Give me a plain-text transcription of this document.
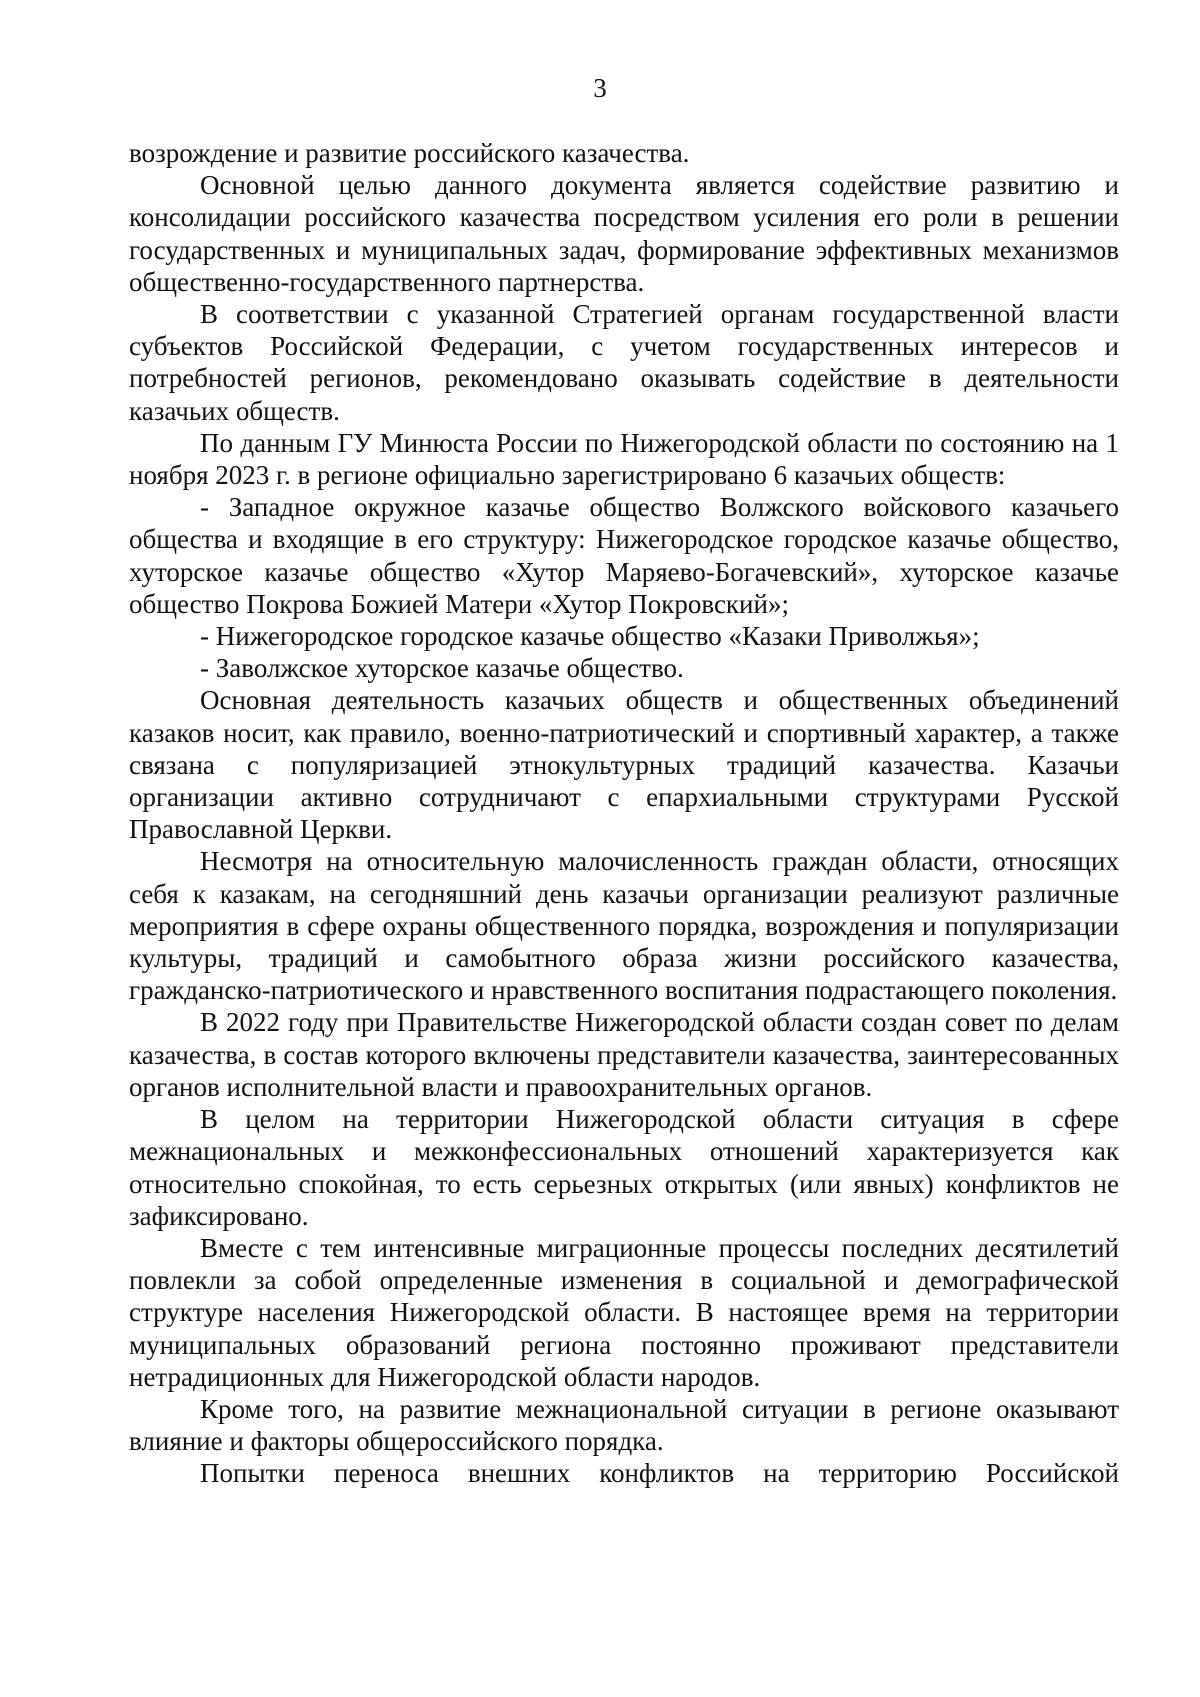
3

возрождение и развитие российского казачества.

Основной целью данного документа является содействие развитию и консолидации российского казачества посредством усиления его роли в решении государственных и муниципальных задач, формирование эффективных механизмов общественно-государственного партнерства.

В соответствии с указанной Стратегией органам государственной власти субъектов Российской Федерации, с учетом государственных интересов и потребностей регионов, рекомендовано оказывать содействие в деятельности казачьих обществ.

По данным ГУ Минюста России по Нижегородской области по состоянию на 1 ноября 2023 г. в регионе официально зарегистрировано 6 казачьих обществ:

- Западное окружное казачье общество Волжского войскового казачьего общества и входящие в его структуру: Нижегородское городское казачье общество, хуторское казачье общество «Хутор Маряево-Богачевский», хуторское казачье общество Покрова Божией Матери «Хутор Покровский»;

- Нижегородское городское казачье общество «Казаки Приволжья»;

- Заволжское хуторское казачье общество.

Основная деятельность казачьих обществ и общественных объединений казаков носит, как правило, военно-патриотический и спортивный характер, а также связана с популяризацией этнокультурных традиций казачества. Казачьи организации активно сотрудничают с епархиальными структурами Русской Православной Церкви.

Несмотря на относительную малочисленность граждан области, относящих себя к казакам, на сегодняшний день казачьи организации реализуют различные мероприятия в сфере охраны общественного порядка, возрождения и популяризации культуры, традиций и самобытного образа жизни российского казачества, гражданско-патриотического и нравственного воспитания подрастающего поколения.

В 2022 году при Правительстве Нижегородской области создан совет по делам казачества, в состав которого включены представители казачества, заинтересованных органов исполнительной власти и правоохранительных органов.

В целом на территории Нижегородской области ситуация в сфере межнациональных и межконфессиональных отношений характеризуется как относительно спокойная, то есть серьезных открытых (или явных) конфликтов не зафиксировано.

Вместе с тем интенсивные миграционные процессы последних десятилетий повлекли за собой определенные изменения в социальной и демографической структуре населения Нижегородской области. В настоящее время на территории муниципальных образований региона постоянно проживают представители нетрадиционных для Нижегородской области народов.

Кроме того, на развитие межнациональной ситуации в регионе оказывают влияние и факторы общероссийского порядка.

Попытки переноса внешних конфликтов на территорию Российской
